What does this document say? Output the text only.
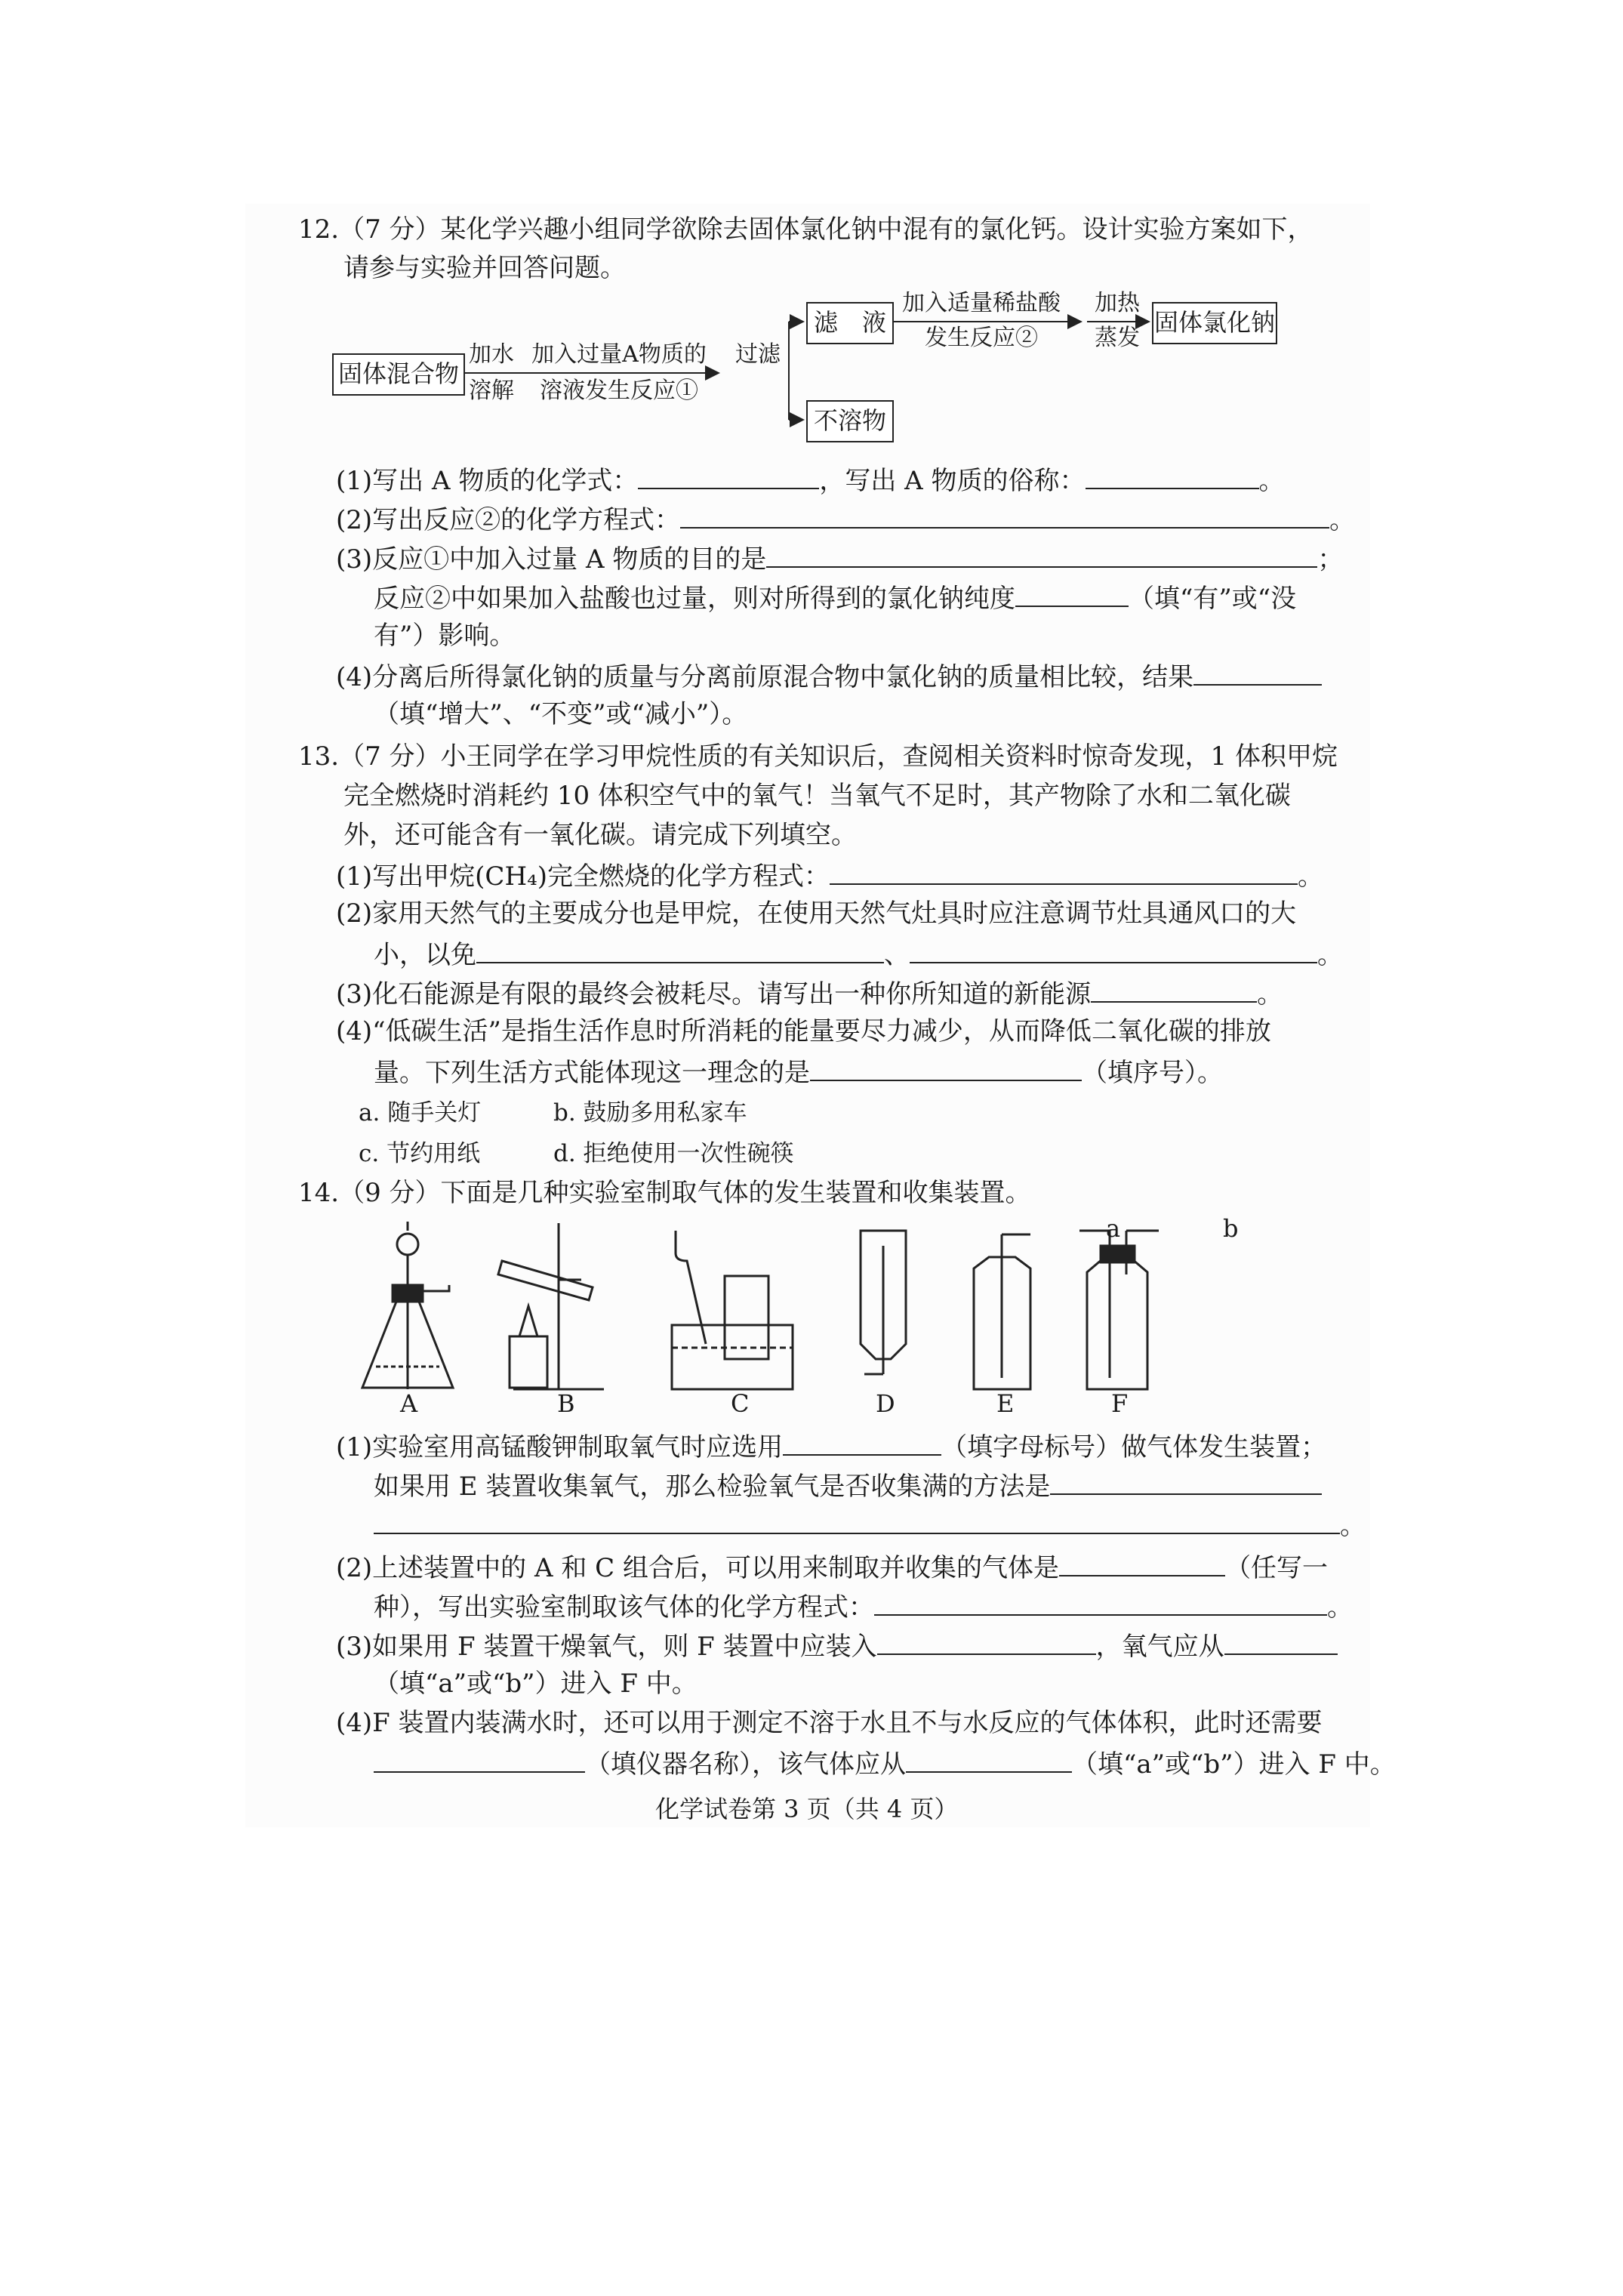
12.（7 分）某化学兴趣小组同学欲除去固体氯化钠中混有的氯化钙。设计实验方案如下，
请参与实验并回答问题。
固体混合物
加水
溶解
加入过量A物质的
溶液发生反应①
过滤
滤　液
加入适量稀盐酸
发生反应②
加热
蒸发
固体氯化钠
不溶物
(1)写出 A 物质的化学式：	，写出 A 物质的俗称：	。
(2)写出反应②的化学方程式：	。
(3)反应①中加入过量 A 物质的目的是	；
反应②中如果加入盐酸也过量，则对所得到的氯化钠纯度	（填“有”或“没
有”）影响。
(4)分离后所得氯化钠的质量与分离前原混合物中氯化钠的质量相比较，结果
（填“增大”、“不变”或“减小”）。
13.（7 分）小王同学在学习甲烷性质的有关知识后，查阅相关资料时惊奇发现，1 体积甲烷
完全燃烧时消耗约 10 体积空气中的氧气！当氧气不足时，其产物除了水和二氧化碳
外，还可能含有一氧化碳。请完成下列填空。
(1)写出甲烷(CH₄)完全燃烧的化学方程式：	。
(2)家用天然气的主要成分也是甲烷，在使用天然气灶具时应注意调节灶具通风口的大
小，以免	、	。
(3)化石能源是有限的最终会被耗尽。请写出一种你所知道的新能源	。
(4)“低碳生活”是指生活作息时所消耗的能量要尽力减少，从而降低二氧化碳的排放
量。下列生活方式能体现这一理念的是	（填序号）。
a. 随手关灯	b. 鼓励多用私家车
c. 节约用纸	d. 拒绝使用一次性碗筷
14.（9 分）下面是几种实验室制取气体的发生装置和收集装置。
a	b
A	B	C	D	E	F
(1)实验室用高锰酸钾制取氧气时应选用	（填字母标号）做气体发生装置；
如果用 E 装置收集氧气，那么检验氧气是否收集满的方法是
。
(2)上述装置中的 A 和 C 组合后，可以用来制取并收集的气体是	（任写一
种），写出实验室制取该气体的化学方程式：	。
(3)如果用 F 装置干燥氧气，则 F 装置中应装入	，氧气应从
（填“a”或“b”）进入 F 中。
(4)F 装置内装满水时，还可以用于测定不溶于水且不与水反应的气体体积，此时还需要
（填仪器名称），该气体应从	（填“a”或“b”）进入 F 中。
化学试卷第 3 页（共 4 页）
